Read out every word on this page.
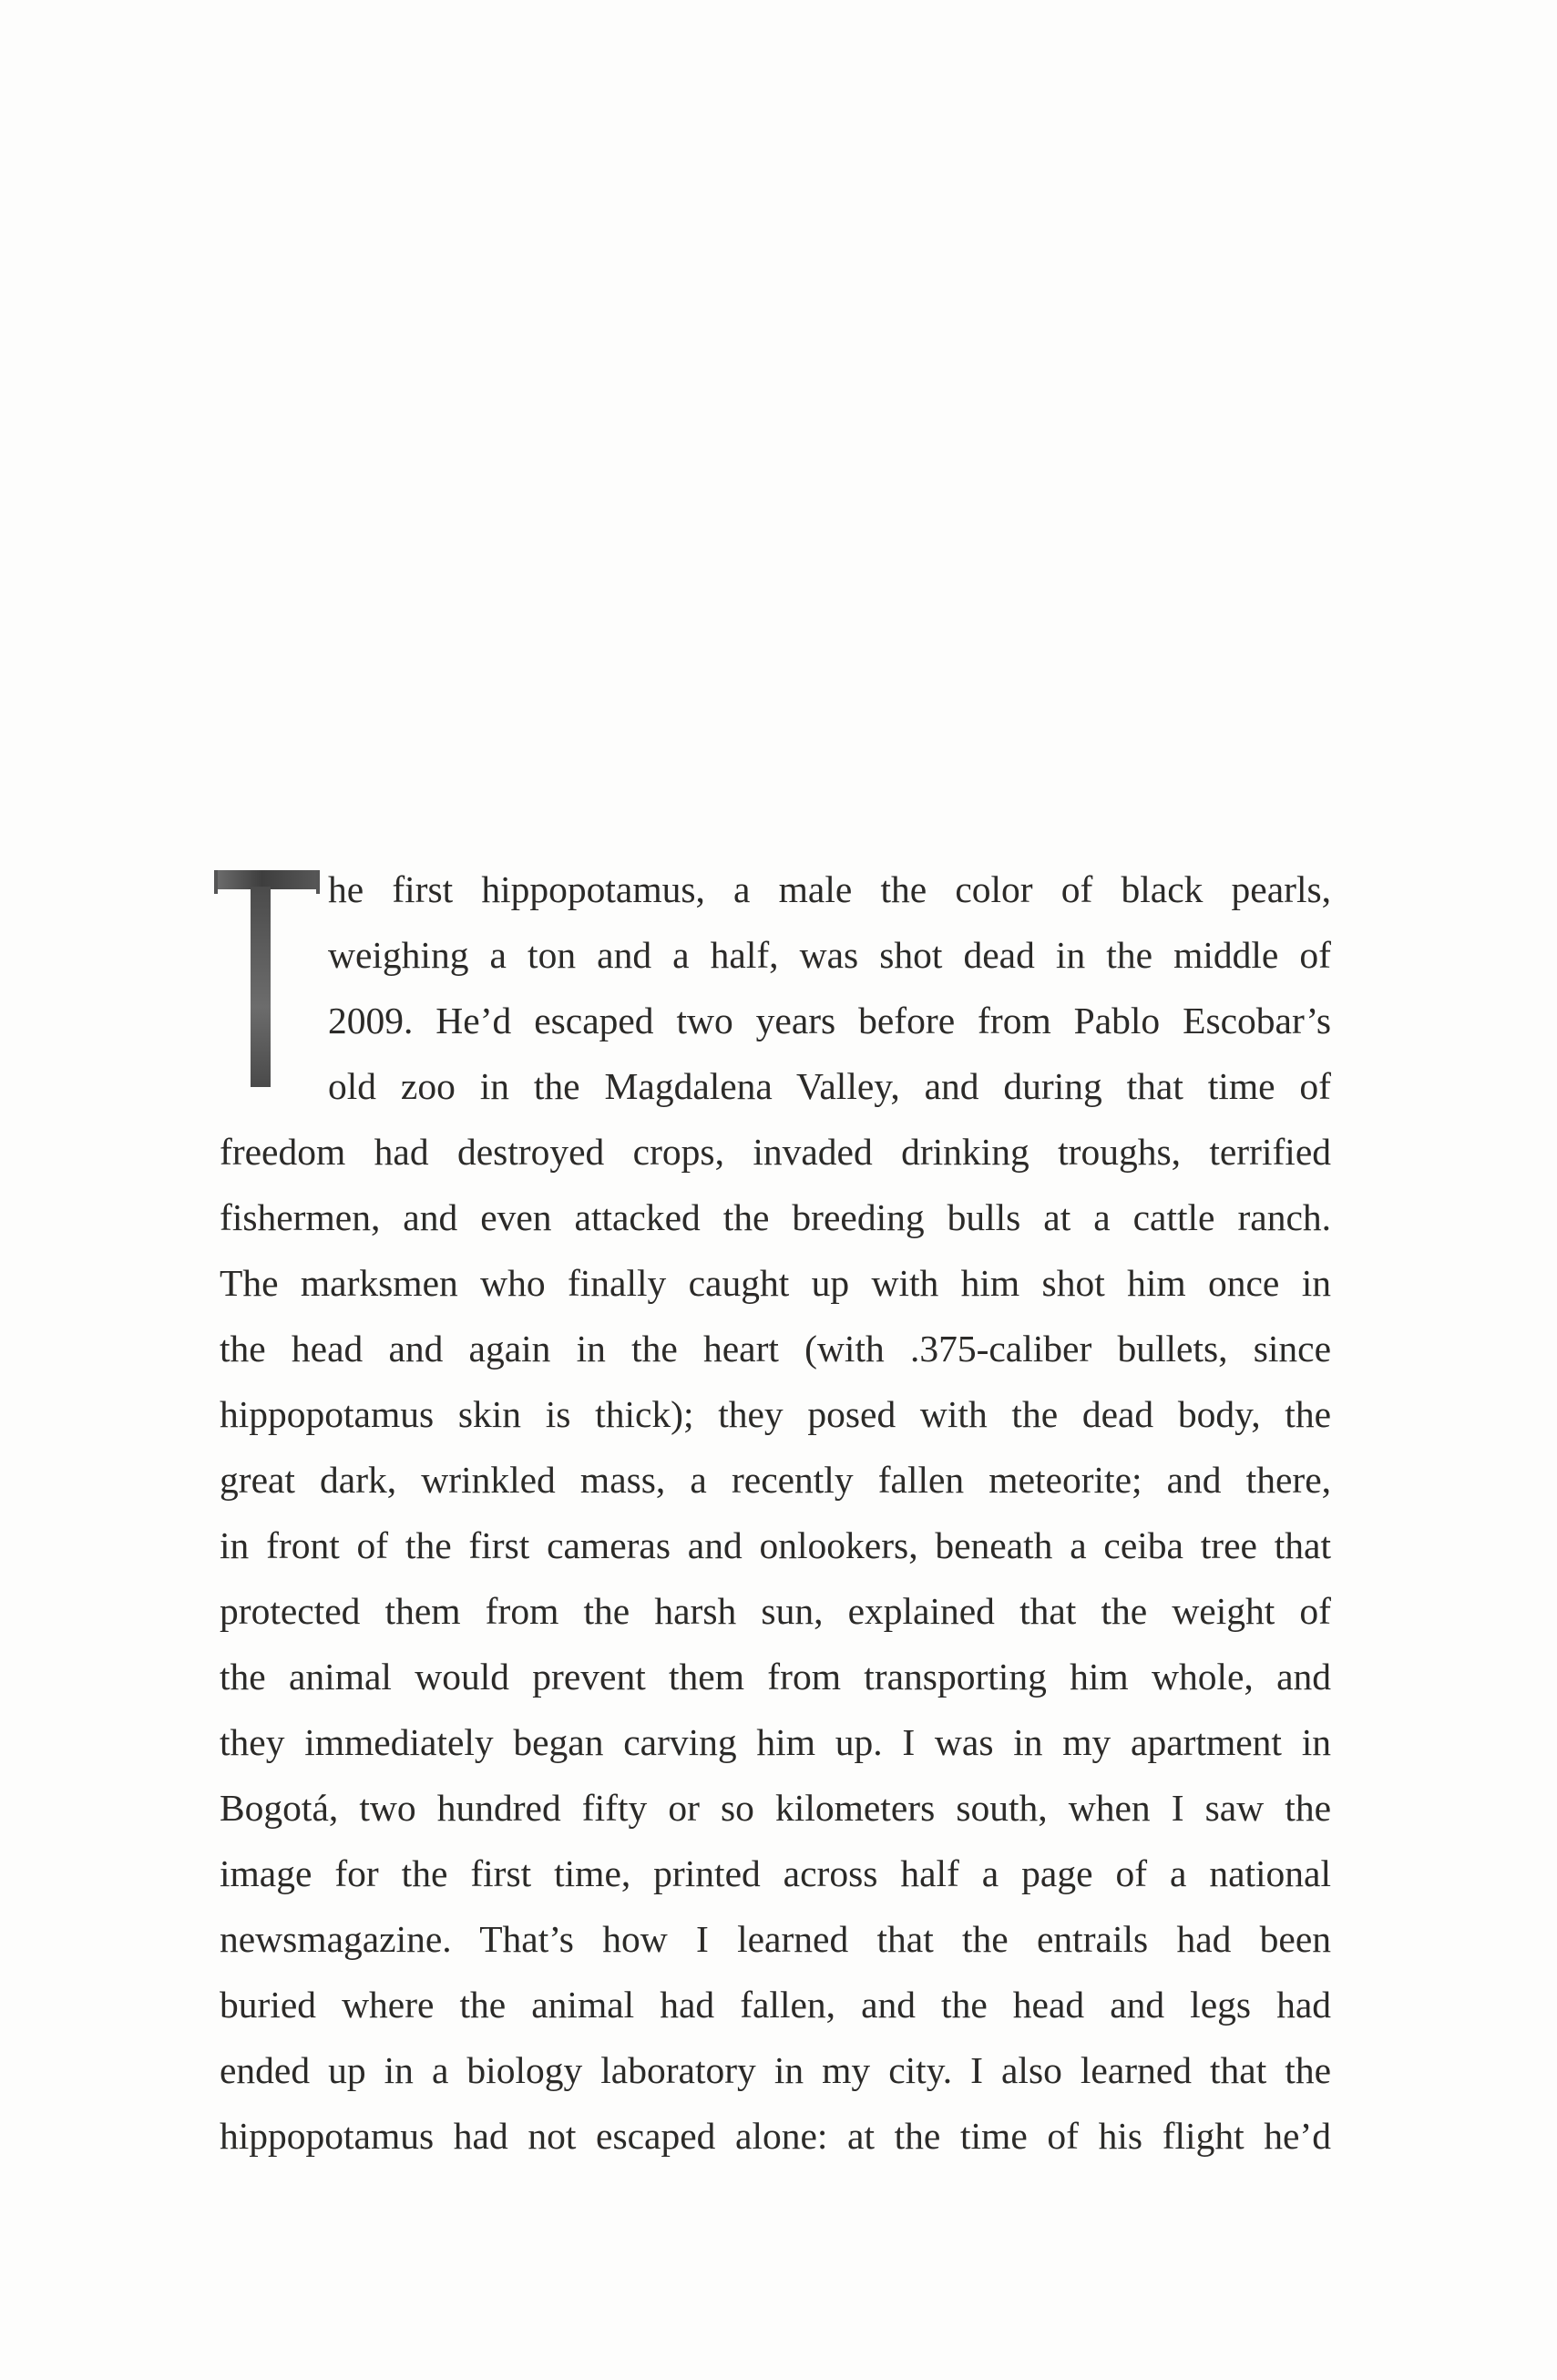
he first hippopotamus, a male the color of black pearls,
weighing a ton and a half, was shot dead in the middle of
2009. He’d escaped two years before from Pablo Escobar’s
old zoo in the Magdalena Valley, and during that time of
freedom had destroyed crops, invaded drinking troughs, terrified
fishermen, and even attacked the breeding bulls at a cattle ranch.
The marksmen who finally caught up with him shot him once in
the head and again in the heart (with .375-caliber bullets, since
hippopotamus skin is thick); they posed with the dead body, the
great dark, wrinkled mass, a recently fallen meteorite; and there,
in front of the first cameras and onlookers, beneath a ceiba tree that
protected them from the harsh sun, explained that the weight of
the animal would prevent them from transporting him whole, and
they immediately began carving him up. I was in my apartment in
Bogotá, two hundred fifty or so kilometers south, when I saw the
image for the first time, printed across half a page of a national
newsmagazine. That’s how I learned that the entrails had been
buried where the animal had fallen, and the head and legs had
ended up in a biology laboratory in my city. I also learned that the
hippopotamus had not escaped alone: at the time of his flight he’d
